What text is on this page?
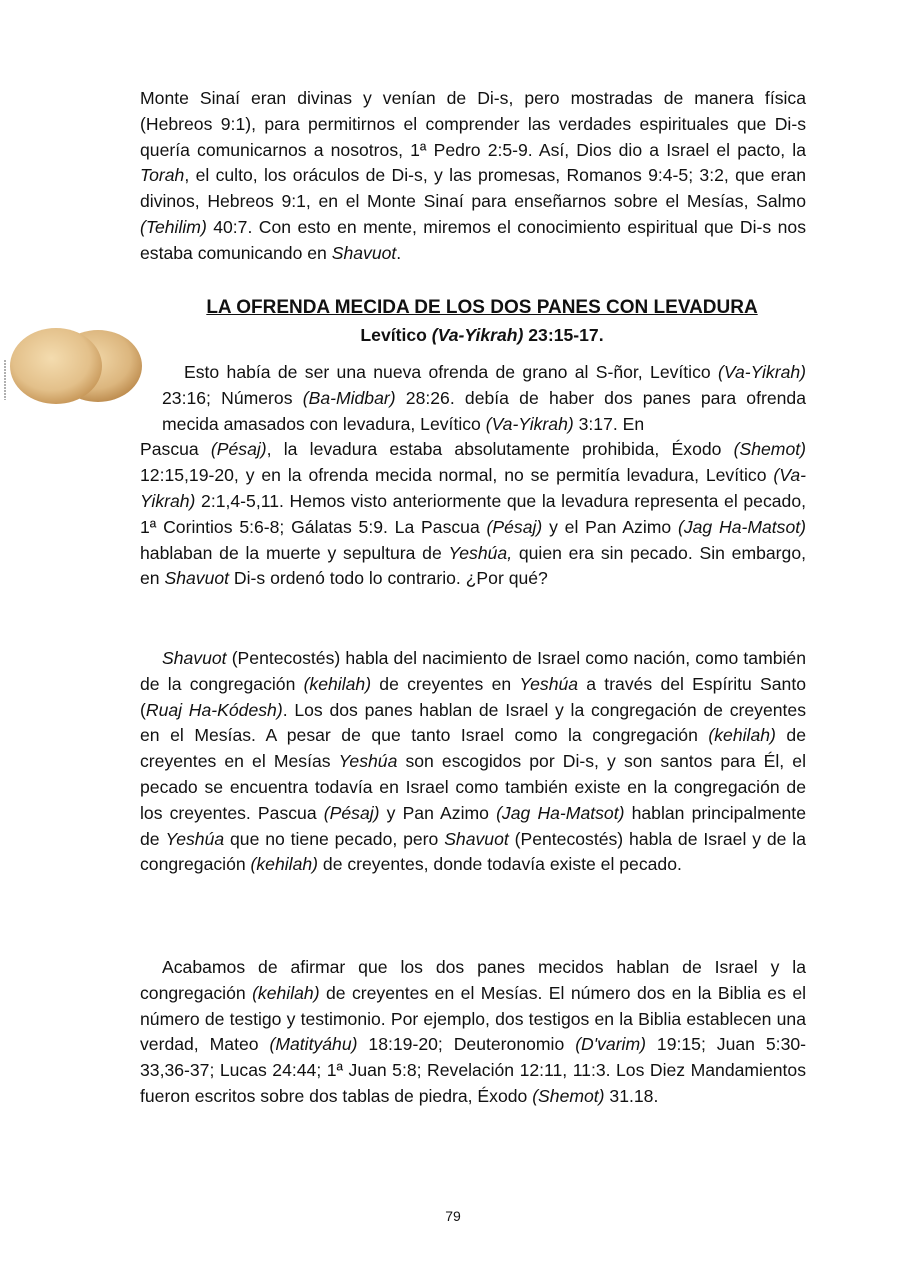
Monte Sinaí eran divinas y venían de Di-s, pero mostradas de manera física (Hebreos 9:1), para permitirnos el comprender las verdades espirituales que Di-s quería comunicarnos a nosotros, 1ª Pedro 2:5-9. Así, Dios dio a Israel el pacto, la Torah, el culto, los oráculos de Di-s, y las promesas, Romanos 9:4-5; 3:2, que eran divinos, Hebreos 9:1, en el Monte Sinaí para enseñarnos sobre el Mesías, Salmo (Tehilim) 40:7. Con esto en mente, miremos el conocimiento espiritual que Di-s nos estaba comunicando en Shavuot.

LA OFRENDA MECIDA DE LOS DOS PANES CON LEVADURA

Levítico (Va-Yikrah) 23:15-17.

Esto había de ser una nueva ofrenda de grano al S-ñor, Levítico (Va-Yikrah) 23:16; Números (Ba-Midbar) 28:26. debía de haber dos panes para ofrenda mecida amasados con levadura, Levítico (Va-Yikrah) 3:17. En
Pascua (Pésaj), la levadura estaba absolutamente prohibida, Éxodo (Shemot) 12:15,19-20, y en la ofrenda mecida normal, no se permitía levadura, Levítico (Va-Yikrah) 2:1,4-5,11. Hemos visto anteriormente que la levadura representa el pecado, 1ª Corintios 5:6-8; Gálatas 5:9. La Pascua (Pésaj) y el Pan Azimo (Jag Ha-Matsot) hablaban de la muerte y sepultura de Yeshúa, quien era sin pecado. Sin embargo, en Shavuot Di-s ordenó todo lo contrario. ¿Por qué?

Shavuot (Pentecostés) habla del nacimiento de Israel como nación, como también de la congregación (kehilah) de creyentes en Yeshúa a través del Espíritu Santo (Ruaj Ha-Kódesh). Los dos panes hablan de Israel y la congregación de creyentes en el Mesías. A pesar de que tanto Israel como la congregación (kehilah) de creyentes en el Mesías Yeshúa son escogidos por Di-s, y son santos para Él, el pecado se encuentra todavía en Israel como también existe en la congregación de los creyentes. Pascua (Pésaj) y Pan Azimo (Jag Ha-Matsot) hablan principalmente de Yeshúa que no tiene pecado, pero Shavuot (Pentecostés) habla de Israel y de la congregación (kehilah) de creyentes, donde todavía existe el pecado.

Acabamos de afirmar que los dos panes mecidos hablan de Israel y la congregación (kehilah) de creyentes en el Mesías. El número dos en la Biblia es el número de testigo y testimonio. Por ejemplo, dos testigos en la Biblia establecen una verdad, Mateo (Matityáhu) 18:19-20; Deuteronomio (D'varim) 19:15; Juan 5:30-33,36-37; Lucas 24:44; 1ª Juan 5:8; Revelación 12:11, 11:3. Los Diez Mandamientos fueron escritos sobre dos tablas de piedra, Éxodo (Shemot) 31.18.

79
